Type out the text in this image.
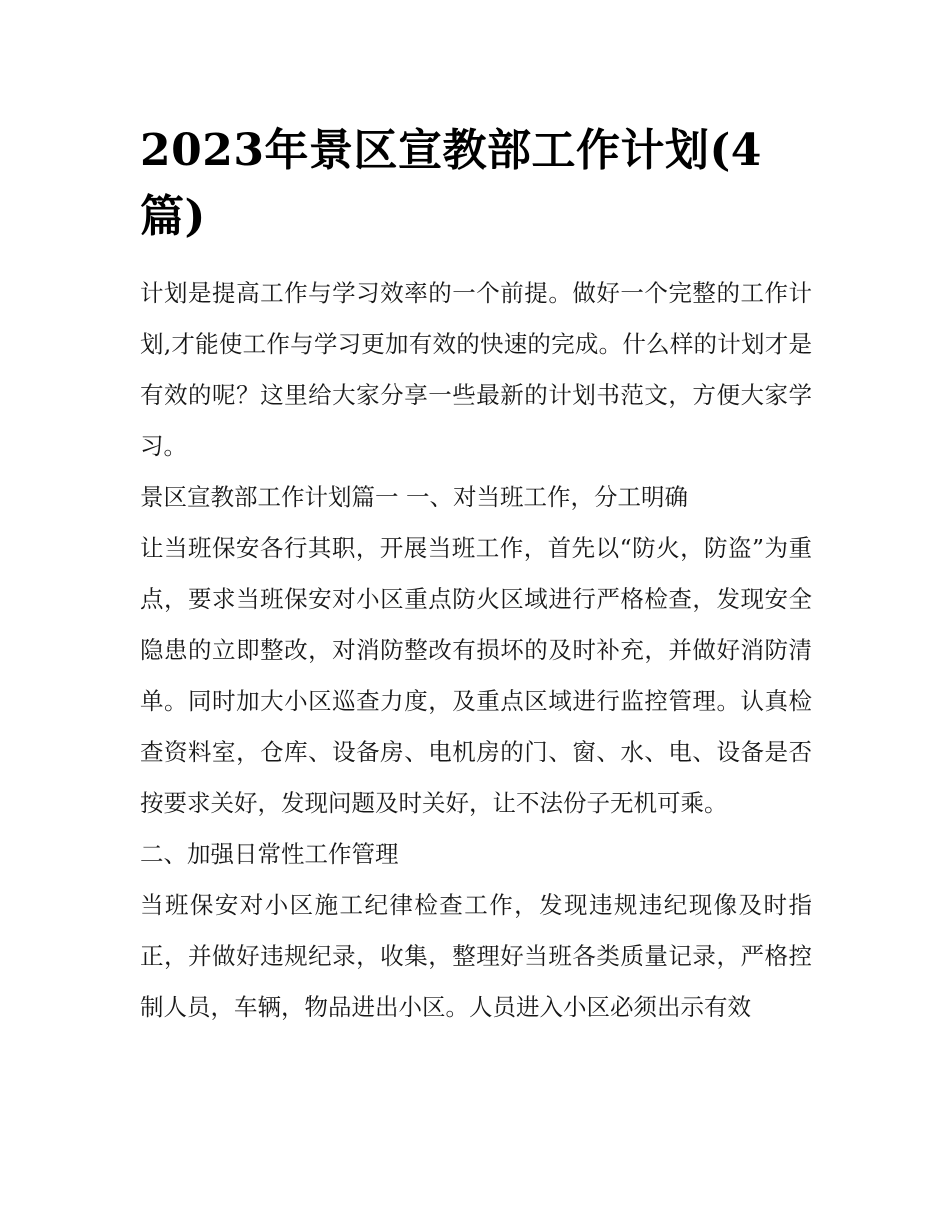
2023年景区宣教部工作计划(4篇)

计划是提高工作与学习效率的一个前提。做好一个完整的工作计划,才能使工作与学习更加有效的快速的完成。什么样的计划才是有效的呢？这里给大家分享一些最新的计划书范文，方便大家学习。

景区宣教部工作计划篇一 一、对当班工作，分工明确

让当班保安各行其职，开展当班工作，首先以“防火，防盗”为重点，要求当班保安对小区重点防火区域进行严格检查，发现安全隐患的立即整改，对消防整改有损坏的及时补充，并做好消防清单。同时加大小区巡查力度，及重点区域进行监控管理。认真检查资料室，仓库、设备房、电机房的门、窗、水、电、设备是否按要求关好，发现问题及时关好，让不法份子无机可乘。

二、加强日常性工作管理

当班保安对小区施工纪律检查工作，发现违规违纪现像及时指正，并做好违规纪录，收集，整理好当班各类质量记录，严格控制人员，车辆，物品进出小区。人员进入小区必须出示有效
